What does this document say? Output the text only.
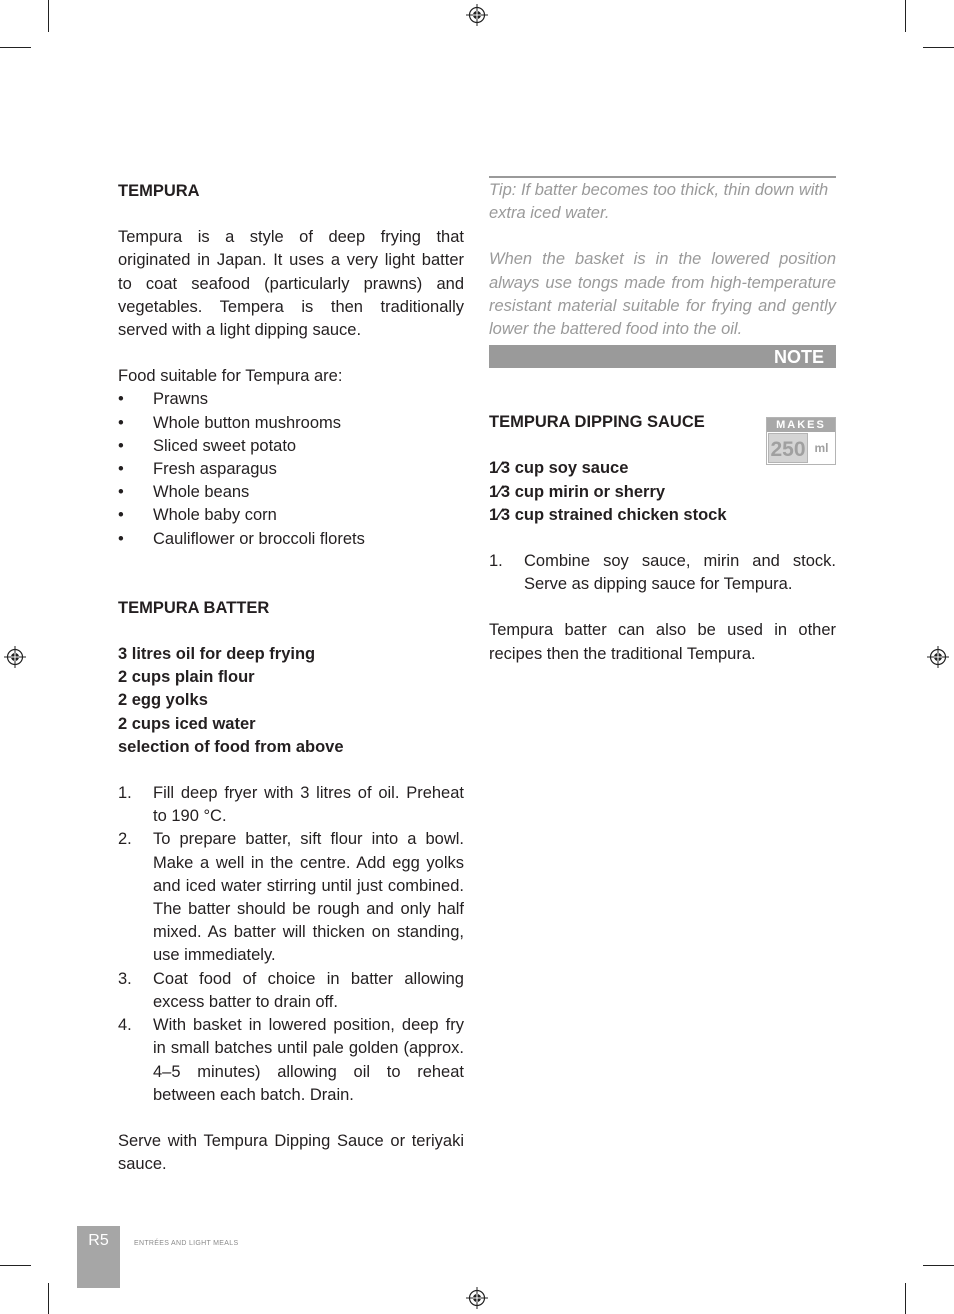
TEMPURA

Tempura is a style of deep frying that originated in Japan. It uses a very light batter to coat seafood (particularly prawns) and vegetables. Tempera is then traditionally served with a light dipping sauce.

Food suitable for Tempura are:

• Prawns
• Whole button mushrooms
• Sliced sweet potato
• Fresh asparagus
• Whole beans
• Whole baby corn
• Cauliflower or broccoli florets

TEMPURA BATTER

3 litres oil for deep frying

2 cups plain flour

2 egg yolks

2 cups iced water

selection of food from above

1. Fill deep fryer with 3 litres of oil. Preheat to 190 °C.
2. To prepare batter, sift flour into a bowl. Make a well in the centre. Add egg yolks and iced water stirring until just combined. The batter should be rough and only half mixed. As batter will thicken on standing, use immediately.
3. Coat food of choice in batter allowing excess batter to drain off.
4. With basket in lowered position, deep fry in small batches until pale golden (approx. 4–5 minutes) allowing oil to reheat between each batch. Drain.

Serve with Tempura Dipping Sauce or teriyaki sauce.

Tip: If batter becomes too thick, thin down with extra iced water.

When the basket is in the lowered position always use tongs made from high-temperature resistant material suitable for frying and gently lower the battered food into the oil.

NOTE

TEMPURA DIPPING SAUCE

1⁄3 cup soy sauce

1⁄3 cup mirin or sherry

1⁄3 cup strained chicken stock

1. Combine soy sauce, mirin and stock. Serve as dipping sauce for Tempura.

Tempura batter can also be used in other recipes then the traditional Tempura.

MAKES
250 ml
R5	ENTRÉES AND LIGHT MEALS
